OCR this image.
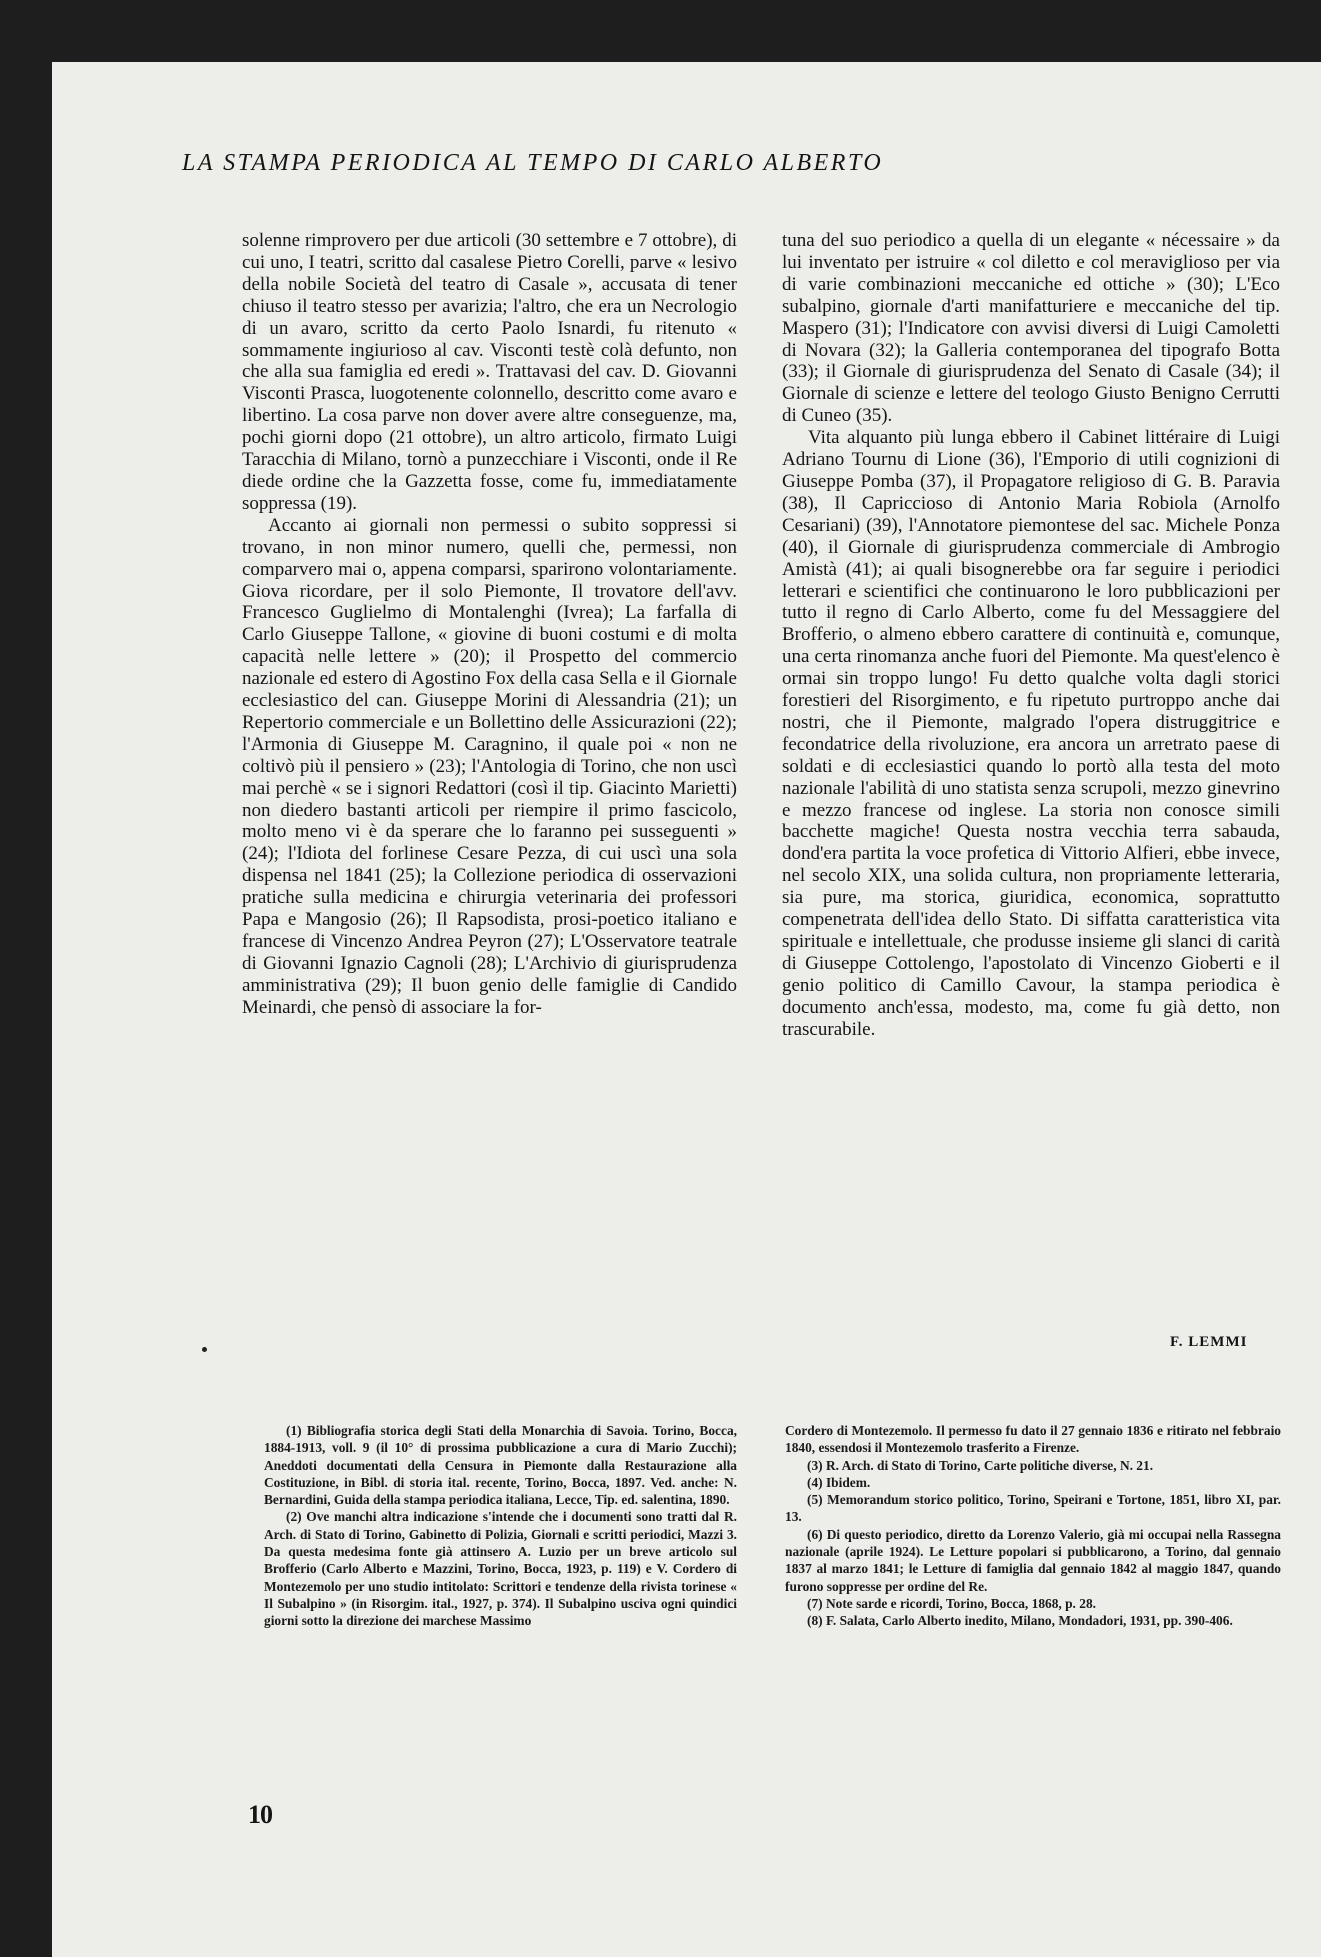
LA STAMPA PERIODICA AL TEMPO DI CARLO ALBERTO

solenne rimprovero per due articoli (30 settembre e 7 ottobre), di cui uno, I teatri, scritto dal casalese Pietro Corelli, parve « lesivo della nobile Società del teatro di Casale », accusata di tener chiuso il teatro stesso per avarizia; l'altro, che era un Necrologio di un avaro, scritto da certo Paolo Isnardi, fu ritenuto « sommamente ingiurioso al cav. Visconti testè colà defunto, non che alla sua famiglia ed eredi ». Trattavasi del cav. D. Giovanni Visconti Prasca, luogotenente colonnello, descritto come avaro e libertino. La cosa parve non dover avere altre conseguenze, ma, pochi giorni dopo (21 ottobre), un altro articolo, firmato Luigi Taracchia di Milano, tornò a punzecchiare i Visconti, onde il Re diede ordine che la Gazzetta fosse, come fu, immediatamente soppressa (19).

Accanto ai giornali non permessi o subito soppressi si trovano, in non minor numero, quelli che, permessi, non comparvero mai o, appena comparsi, sparirono volontariamente. Giova ricordare, per il solo Piemonte, Il trovatore dell'avv. Francesco Guglielmo di Montalenghi (Ivrea); La farfalla di Carlo Giuseppe Tallone, « giovine di buoni costumi e di molta capacità nelle lettere » (20); il Prospetto del commercio nazionale ed estero di Agostino Fox della casa Sella e il Giornale ecclesiastico del can. Giuseppe Morini di Alessandria (21); un Repertorio commerciale e un Bollettino delle Assicurazioni (22); l'Armonia di Giuseppe M. Caragnino, il quale poi « non ne coltivò più il pensiero » (23); l'Antologia di Torino, che non uscì mai perchè « se i signori Redattori (così il tip. Giacinto Marietti) non diedero bastanti articoli per riempire il primo fascicolo, molto meno vi è da sperare che lo faranno pei susseguenti » (24); l'Idiota del forlinese Cesare Pezza, di cui uscì una sola dispensa nel 1841 (25); la Collezione periodica di osservazioni pratiche sulla medicina e chirurgia veterinaria dei professori Papa e Mangosio (26); Il Rapsodista, prosi-poetico italiano e francese di Vincenzo Andrea Peyron (27); L'Osservatore teatrale di Giovanni Ignazio Cagnoli (28); L'Archivio di giurisprudenza amministrativa (29); Il buon genio delle famiglie di Candido Meinardi, che pensò di associare la for-

tuna del suo periodico a quella di un elegante « nécessaire » da lui inventato per istruire « col diletto e col meraviglioso per via di varie combinazioni meccaniche ed ottiche » (30); L'Eco subalpino, giornale d'arti manifatturiere e meccaniche del tip. Maspero (31); l'Indicatore con avvisi diversi di Luigi Camoletti di Novara (32); la Galleria contemporanea del tipografo Botta (33); il Giornale di giurisprudenza del Senato di Casale (34); il Giornale di scienze e lettere del teologo Giusto Benigno Cerrutti di Cuneo (35).

Vita alquanto più lunga ebbero il Cabinet littéraire di Luigi Adriano Tournu di Lione (36), l'Emporio di utili cognizioni di Giuseppe Pomba (37), il Propagatore religioso di G. B. Paravia (38), Il Capriccioso di Antonio Maria Robiola (Arnolfo Cesariani) (39), l'Annotatore piemontese del sac. Michele Ponza (40), il Giornale di giurisprudenza commerciale di Ambrogio Amistà (41); ai quali bisognerebbe ora far seguire i periodici letterari e scientifici che continuarono le loro pubblicazioni per tutto il regno di Carlo Alberto, come fu del Messaggiere del Brofferio, o almeno ebbero carattere di continuità e, comunque, una certa rinomanza anche fuori del Piemonte. Ma quest'elenco è ormai sin troppo lungo! Fu detto qualche volta dagli storici forestieri del Risorgimento, e fu ripetuto purtroppo anche dai nostri, che il Piemonte, malgrado l'opera distruggitrice e fecondatrice della rivoluzione, era ancora un arretrato paese di soldati e di ecclesiastici quando lo portò alla testa del moto nazionale l'abilità di uno statista senza scrupoli, mezzo ginevrino e mezzo francese od inglese. La storia non conosce simili bacchette magiche! Questa nostra vecchia terra sabauda, dond'era partita la voce profetica di Vittorio Alfieri, ebbe invece, nel secolo XIX, una solida cultura, non propriamente letteraria, sia pure, ma storica, giuridica, economica, soprattutto compenetrata dell'idea dello Stato. Di siffatta caratteristica vita spirituale e intellettuale, che produsse insieme gli slanci di carità di Giuseppe Cottolengo, l'apostolato di Vincenzo Gioberti e il genio politico di Camillo Cavour, la stampa periodica è documento anch'essa, modesto, ma, come fu già detto, non trascurabile.

F. LEMMI

(1) Bibliografia storica degli Stati della Monarchia di Savoia. Torino, Bocca, 1884-1913, voll. 9 (il 10° di prossima pubblicazione a cura di Mario Zucchi); Aneddoti documentati della Censura in Piemonte dalla Restaurazione alla Costituzione, in Bibl. di storia ital. recente, Torino, Bocca, 1897. Ved. anche: N. Bernardini, Guida della stampa periodica italiana, Lecce, Tip. ed. salentina, 1890.

(2) Ove manchi altra indicazione s'intende che i documenti sono tratti dal R. Arch. di Stato di Torino, Gabinetto di Polizia, Giornali e scritti periodici, Mazzi 3. Da questa medesima fonte già attinsero A. Luzio per un breve articolo sul Brofferio (Carlo Alberto e Mazzini, Torino, Bocca, 1923, p. 119) e V. Cordero di Montezemolo per uno studio intitolato: Scrittori e tendenze della rivista torinese « Il Subalpino » (in Risorgim. ital., 1927, p. 374). Il Subalpino usciva ogni quindici giorni sotto la direzione dei marchese Massimo

Cordero di Montezemolo. Il permesso fu dato il 27 gennaio 1836 e ritirato nel febbraio 1840, essendosi il Montezemolo trasferito a Firenze.

(3) R. Arch. di Stato di Torino, Carte politiche diverse, N. 21.

(4) Ibidem.

(5) Memorandum storico politico, Torino, Speirani e Tortone, 1851, libro XI, par. 13.

(6) Di questo periodico, diretto da Lorenzo Valerio, già mi occupai nella Rassegna nazionale (aprile 1924). Le Letture popolari si pubblicarono, a Torino, dal gennaio 1837 al marzo 1841; le Letture di famiglia dal gennaio 1842 al maggio 1847, quando furono soppresse per ordine del Re.

(7) Note sarde e ricordi, Torino, Bocca, 1868, p. 28.

(8) F. Salata, Carlo Alberto inedito, Milano, Mondadori, 1931, pp. 390-406.

10
